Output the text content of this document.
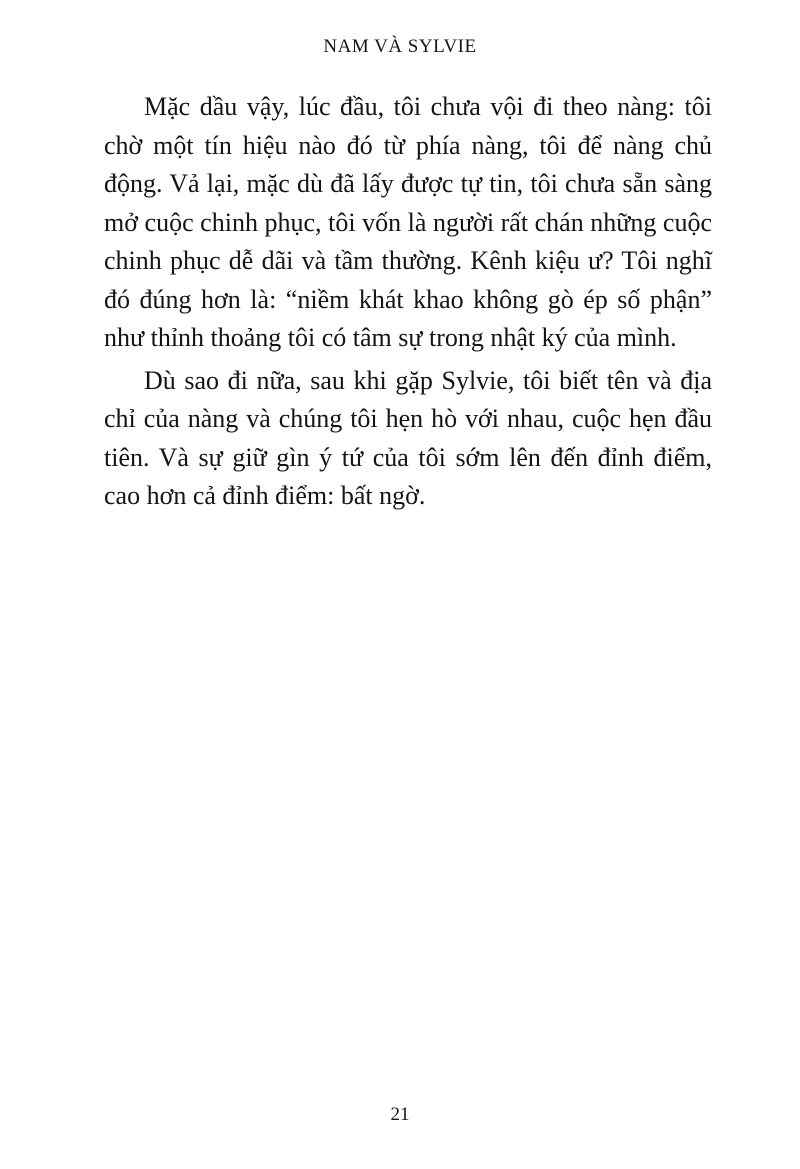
NAM VÀ SYLVIE

Mặc dầu vậy, lúc đầu, tôi chưa vội đi theo nàng: tôi chờ một tín hiệu nào đó từ phía nàng, tôi để nàng chủ động. Vả lại, mặc dù đã lấy được tự tin, tôi chưa sẵn sàng mở cuộc chinh phục, tôi vốn là người rất chán những cuộc chinh phục dễ dãi và tầm thường. Kênh kiệu ư? Tôi nghĩ đó đúng hơn là: “niềm khát khao không gò ép số phận” như thỉnh thoảng tôi có tâm sự trong nhật ký của mình.

Dù sao đi nữa, sau khi gặp Sylvie, tôi biết tên và địa chỉ của nàng và chúng tôi hẹn hò với nhau, cuộc hẹn đầu tiên. Và sự giữ gìn ý tứ của tôi sớm lên đến đỉnh điểm, cao hơn cả đỉnh điểm: bất ngờ.

21
